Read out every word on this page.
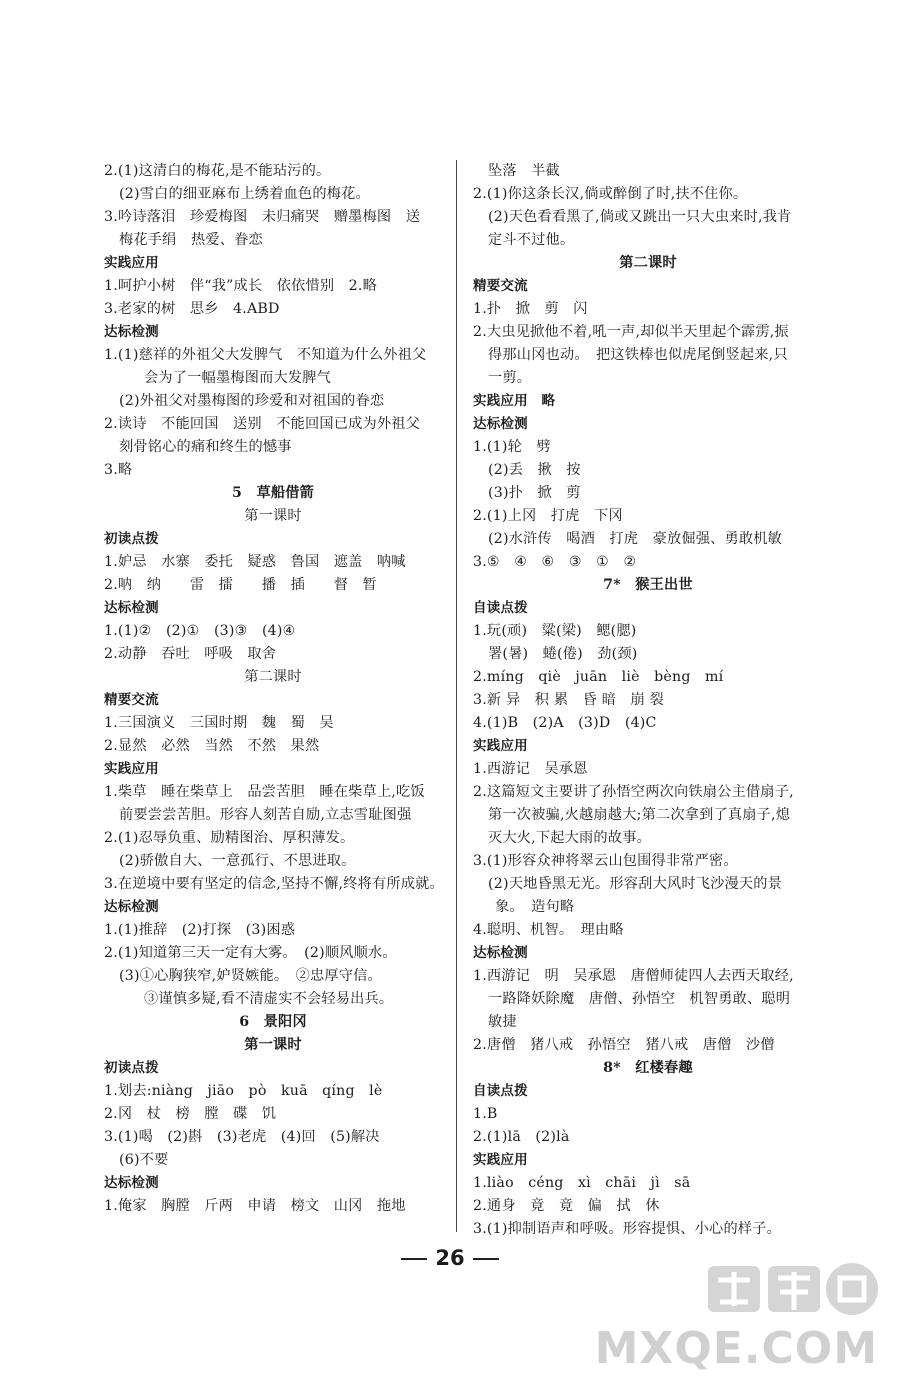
2.(1)这清白的梅花,是不能玷污的。
(2)雪白的细亚麻布上绣着血色的梅花。
3.吟诗落泪　珍爱梅图　未归痛哭　赠墨梅图　送
梅花手绢　热爱、眷恋
实践应用
1.呵护小树　伴“我”成长　依依惜别　2.略
3.老家的树　思乡　4.ABD
达标检测
1.(1)慈祥的外祖父大发脾气　不知道为什么外祖父
会为了一幅墨梅图而大发脾气
(2)外祖父对墨梅图的珍爱和对祖国的眷恋
2.读诗　不能回国　送别　不能回国已成为外祖父
刻骨铭心的痛和终生的憾事
3.略
5　草船借箭
第一课时
初读点拨
1.妒忌　水寨　委托　疑惑　鲁国　遮盖　呐喊
2.呐　纳　　雷　擂　　播　插　　督　暂
达标检测
1.(1)②　(2)①　(3)③　(4)④
2.动静　吞吐　呼吸　取舍
第二课时
精要交流
1.三国演义　三国时期　魏　蜀　吴
2.显然　必然　当然　不然　果然
实践应用
1.柴草　睡在柴草上　品尝苦胆　睡在柴草上,吃饭
前要尝尝苦胆。形容人刻苦自励,立志雪耻图强
2.(1)忍辱负重、励精图治、厚积薄发。
(2)骄傲自大、一意孤行、不思进取。
3.在逆境中要有坚定的信念,坚持不懈,终将有所成就。
达标检测
1.(1)推辞　(2)打探　(3)困惑
2.(1)知道第三天一定有大雾。　(2)顺风顺水。
(3)①心胸狭窄,妒贤嫉能。　②忠厚守信。
③谨慎多疑,看不清虚实不会轻易出兵。
6　景阳冈
第一课时
初读点拨
1.划去:niàng　jiāo　pò　kuā　qíng　lè
2.冈　杖　榜　膛　碟　饥
3.(1)喝　(2)斟　(3)老虎　(4)回　(5)解决
(6)不要
达标检测
1.俺家　胸膛　斤两　申请　榜文　山冈　拖地
坠落　半截
2.(1)你这条长汉,倘或醉倒了时,扶不住你。
(2)天色看看黑了,倘或又跳出一只大虫来时,我肯
定斗不过他。
第二课时
精要交流
1.扑　掀　剪　闪
2.大虫见掀他不着,吼一声,却似半天里起个霹雳,振
得那山冈也动。　把这铁棒也似虎尾倒竖起来,只
一剪。
实践应用　略
达标检测
1.(1)轮　劈
(2)丢　揪　按
(3)扑　掀　剪
2.(1)上冈　打虎　下冈
(2)水浒传　喝酒　打虎　豪放倔强、勇敢机敏
3.⑤　④　⑥　③　①　②
7*　猴王出世
自读点拨
1.玩(顽)　粱(梁)　鳃(腮)
署(暑)　蜷(倦)　劲(颈)
2.míng　qiè　juān　liè　bèng　mí
3.新 异　积 累　昏 暗　崩 裂
4.(1)B　(2)A　(3)D　(4)C
实践应用
1.西游记　吴承恩
2.这篇短文主要讲了孙悟空两次向铁扇公主借扇子,
第一次被骗,火越扇越大;第二次拿到了真扇子,熄
灭大火,下起大雨的故事。
3.(1)形容众神将翠云山包围得非常严密。
(2)天地昏黑无光。形容刮大风时飞沙漫天的景
象。　造句略
4.聪明、机智。　理由略
达标检测
1.西游记　明　吴承恩　唐僧师徒四人去西天取经,
一路降妖除魔　唐僧、孙悟空　机智勇敢、聪明
敏捷
2.唐僧　猪八戒　孙悟空　猪八戒　唐僧　沙僧
8*　红楼春趣
自读点拨
1.B
2.(1)lā　(2)là
实践应用
1.liào　céng　xì　chāi　jì　sā
2.通身　竟　竟　偏　拭　休
3.(1)抑制语声和呼吸。形容提惧、小心的样子。
26
MXQE.COM
